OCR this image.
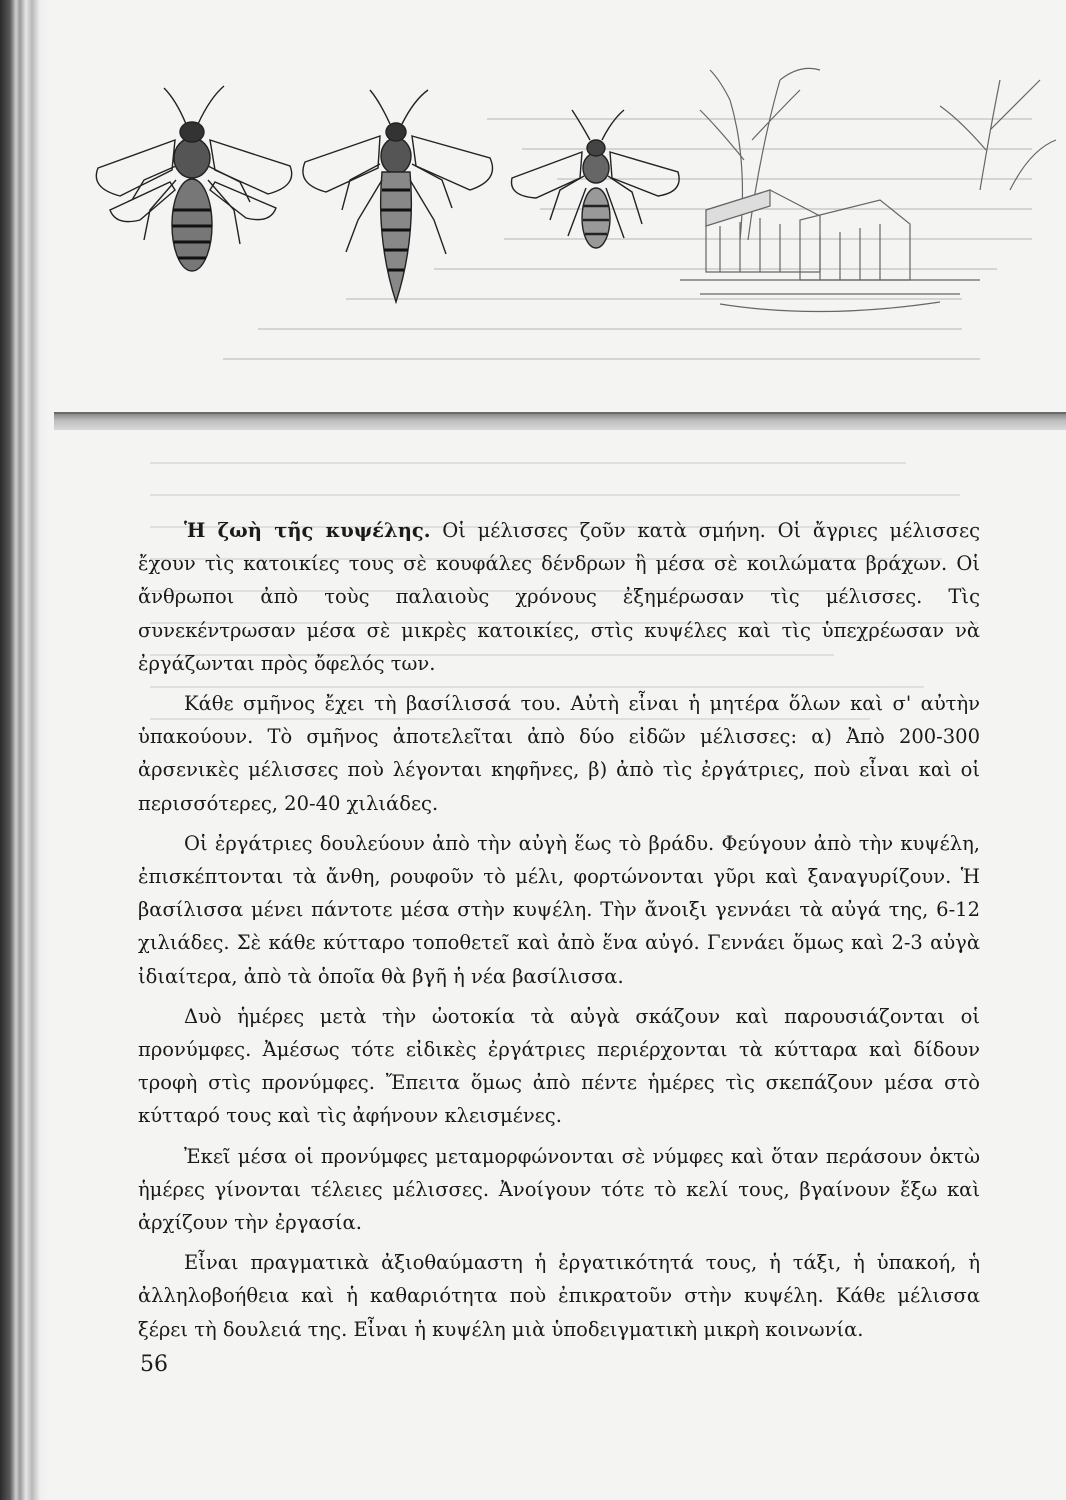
Ἡ ζωὴ τῆς κυψέλης. Οἱ μέλισσες ζοῦν κατὰ σμήνη. Οἱ ἄγριες μέλισσες ἔχουν τὶς κατοικίες τους σὲ κουφάλες δένδρων ἢ μέσα σὲ κοιλώματα βράχων. Οἱ ἄνθρωποι ἀπὸ τοὺς παλαιοὺς χρόνους ἐξημέρωσαν τὶς μέλισσες. Τὶς συνεκέντρωσαν μέσα σὲ μικρὲς κατοικίες, στὶς κυψέλες καὶ τὶς ὑπεχρέωσαν νὰ ἐργάζωνται πρὸς ὄφελός των.

Κάθε σμῆνος ἔχει τὴ βασίλισσά του. Αὐτὴ εἶναι ἡ μητέρα ὅλων καὶ σ' αὐτὴν ὑπακούουν. Τὸ σμῆνος ἀποτελεῖται ἀπὸ δύο εἰδῶν μέλισσες: α) Ἀπὸ 200-300 ἀρσενικὲς μέλισσες ποὺ λέγονται κηφῆνες, β) ἀπὸ τὶς ἐργάτριες, ποὺ εἶναι καὶ οἱ περισσότερες, 20-40 χιλιάδες.

Οἱ ἐργάτριες δουλεύουν ἀπὸ τὴν αὐγὴ ἕως τὸ βράδυ. Φεύγουν ἀπὸ τὴν κυψέλη, ἐπισκέπτονται τὰ ἄνθη, ρουφοῦν τὸ μέλι, φορτώνονται γῦρι καὶ ξαναγυρίζουν. Ἡ βασίλισσα μένει πάντοτε μέσα στὴν κυψέλη. Τὴν ἄνοιξι γεννάει τὰ αὐγά της, 6-12 χιλιάδες. Σὲ κάθε κύτταρο τοποθετεῖ καὶ ἀπὸ ἕνα αὐγό. Γεννάει ὅμως καὶ 2-3 αὐγὰ ἰδιαίτερα, ἀπὸ τὰ ὁποῖα θὰ βγῆ ἡ νέα βασίλισσα.

Δυὸ ἡμέρες μετὰ τὴν ὠοτοκία τὰ αὐγὰ σκάζουν καὶ παρουσιάζονται οἱ προνύμφες. Ἀμέσως τότε εἰδικὲς ἐργάτριες περιέρχονται τὰ κύτταρα καὶ δίδουν τροφὴ στὶς προνύμφες. Ἔπειτα ὅμως ἀπὸ πέντε ἡμέρες τὶς σκεπάζουν μέσα στὸ κύτταρό τους καὶ τὶς ἀφήνουν κλεισμένες.

Ἐκεῖ μέσα οἱ προνύμφες μεταμορφώνονται σὲ νύμφες καὶ ὅταν περάσουν ὀκτὼ ἡμέρες γίνονται τέλειες μέλισσες. Ἀνοίγουν τότε τὸ κελί τους, βγαίνουν ἔξω καὶ ἀρχίζουν τὴν ἐργασία.

Εἶναι πραγματικὰ ἀξιοθαύμαστη ἡ ἐργατικότητά τους, ἡ τάξι, ἡ ὑπακοή, ἡ ἀλληλοβοήθεια καὶ ἡ καθαριότητα ποὺ ἐπικρατοῦν στὴν κυψέλη. Κάθε μέλισσα ξέρει τὴ δουλειά της. Εἶναι ἡ κυψέλη μιὰ ὑποδειγματικὴ μικρὴ κοινωνία.

56
